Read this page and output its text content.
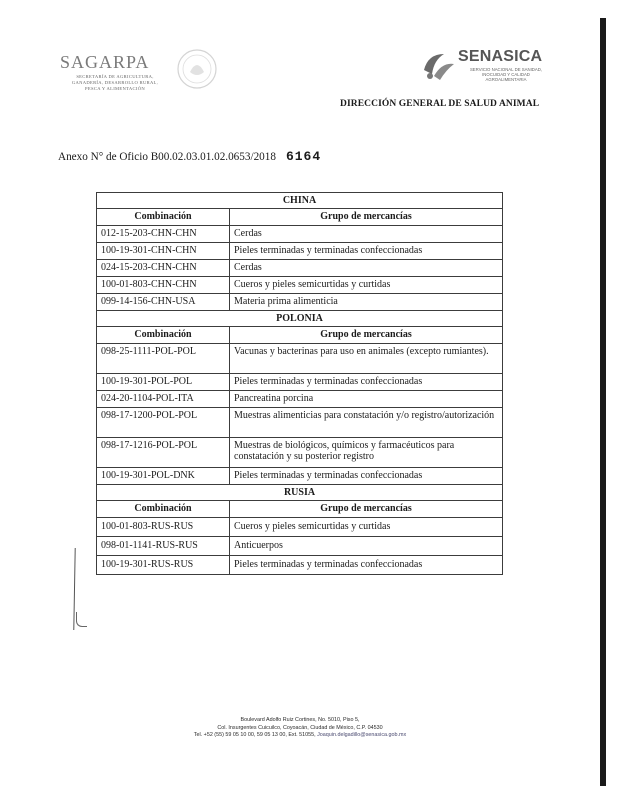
SAGARPA
SECRETARÍA DE AGRICULTURA,
GANADERÍA, DESARROLLO RURAL,
PESCA Y ALIMENTACIÓN
SENASICA
SERVICIO NACIONAL DE SANIDAD,
INOCUIDAD Y CALIDAD
AGROALIMENTARIA
DIRECCIÓN GENERAL DE SALUD ANIMAL
Anexo N° de Oficio B00.02.03.01.02.0653/2018 6164
CHINA	
Combinación	Grupo de mercancías
012-15-203-CHN-CHN	Cerdas
100-19-301-CHN-CHN	Pieles terminadas y terminadas confeccionadas
024-15-203-CHN-CHN	Cerdas
100-01-803-CHN-CHN	Cueros y pieles semicurtidas y curtidas
099-14-156-CHN-USA	Materia prima alimenticia
POLONIA	
Combinación	Grupo de mercancías
098-25-1111-POL-POL	Vacunas y bacterinas para uso en animales (excepto rumiantes).
100-19-301-POL-POL	Pieles terminadas y terminadas confeccionadas
024-20-1104-POL-ITA	Pancreatina porcina
098-17-1200-POL-POL	Muestras alimenticias para constatación y/o registro/autorización
098-17-1216-POL-POL	Muestras de biológicos, químicos y farmacéuticos para constatación y su posterior registro
100-19-301-POL-DNK	Pieles terminadas y terminadas confeccionadas
RUSIA	
Combinación	Grupo de mercancías
100-01-803-RUS-RUS	Cueros y pieles semicurtidas y curtidas
098-01-1141-RUS-RUS	Anticuerpos
100-19-301-RUS-RUS	Pieles terminadas y terminadas confeccionadas
Boulevard Adolfo Ruiz Cortines, No. 5010, Piso 5,
Col. Insurgentes Cuicuilco, Coyoacán, Ciudad de México, C.P. 04530
Tel. +52 (55) 59 05 10 00, 59 05 13 00, Ext. 51055, Joaquin.delgadillo@senasica.gob.mx
